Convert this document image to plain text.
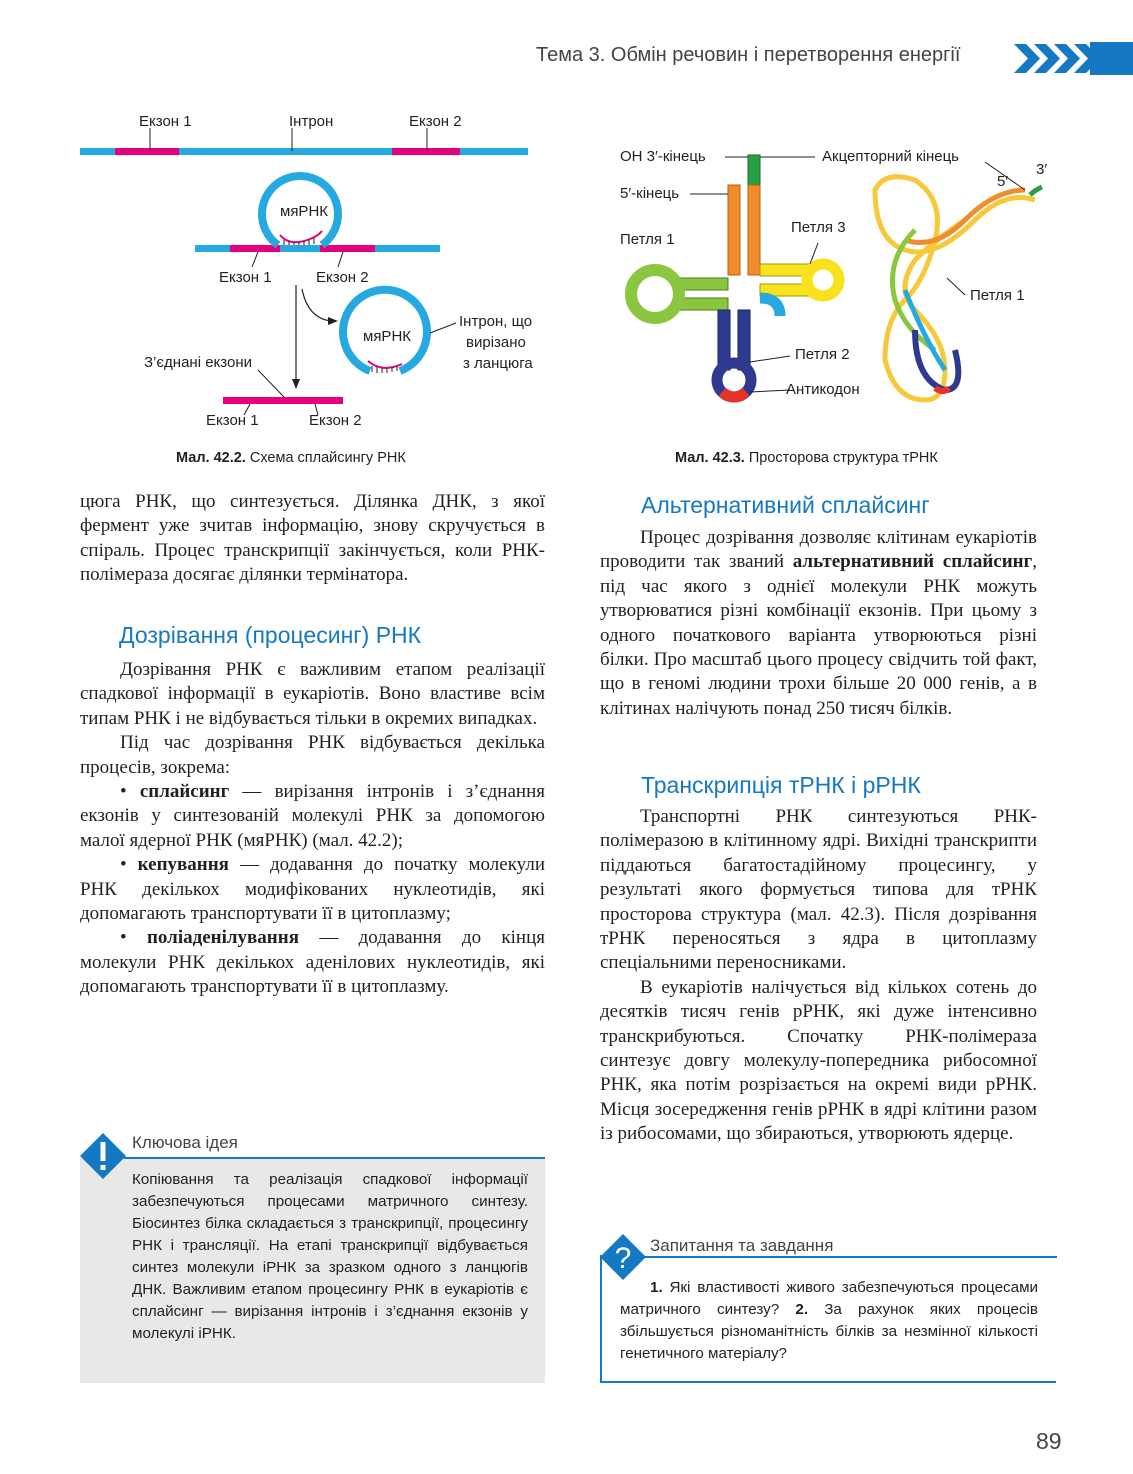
Тема 3. Обмін речовин і перетворення енергії
Екзон 1	Інтрон	Екзон 2
мяРНК
Екзон 1	Екзон 2
мяРНК
Інтрон, що
вирізано
з ланцюга
З’єднані екзони
Екзон 1	Екзон 2
Мал. 42.2. Схема сплайсингу РНК
ОН 3′-кінець
5′-кінець
Петля 1
Акцепторний кінець
Петля 3
5′
3′
Петля 1
Петля 2
Антикодон
Мал. 42.3. Просторова структура тРНК

цюга РНК, що синтезується. Ділянка ДНК, з якої фермент уже зчитав інформацію, знову скручується в спіраль. Процес транскрипції закінчується, коли РНК-полімераза досягає ділянки термінатора.

Дозрівання (процесинг) РНК

Дозрівання РНК є важливим етапом реалізації спадкової інформації в еукаріотів. Воно властиве всім типам РНК і не відбувається тільки в окремих випадках.

Під час дозрівання РНК відбувається декілька процесів, зокрема:

• сплайсинг — вирізання інтронів і з’єднання екзонів у синтезованій молекулі РНК за допомогою малої ядерної РНК (мяРНК) (мал. 42.2);

• кепування — додавання до початку молекули РНК декількох модифікованих нуклеотидів, які допомагають транспортувати її в цитоплазму;

• поліаденілування — додавання до кінця молекули РНК декількох аденілових нуклеотидів, які допомагають транспортувати її в цитоплазму.

Ключова ідея
Копіювання та реалізація спадкової інформації забезпечуються процесами матричного синтезу. Біосинтез білка складається з транскрипції, процесингу РНК і трансляції. На етапі транскрипції відбувається синтез молекули іРНК за зразком одного з ланцюгів ДНК. Важливим етапом процесингу РНК в еукаріотів є сплайсинг — вирізання інтронів і з’єднання екзонів у молекулі іРНК.
Альтернативний сплайсинг

Процес дозрівання дозволяє клітинам еукаріотів проводити так званий альтернативний сплайсинг, під час якого з однієї молекули РНК можуть утворюватися різні комбінації екзонів. При цьому з одного початкового варіанта утворюються різні білки. Про масштаб цього процесу свідчить той факт, що в геномі людини трохи більше 20 000 генів, а в клітинах налічують понад 250 тисяч білків.

Транскрипція тРНК і рРНК

Транспортні РНК синтезуються РНК-полімеразою в клітинному ядрі. Вихідні транскрипти піддаються багатостадійному процесингу, у результаті якого формується типова для тРНК просторова структура (мал. 42.3). Після дозрівання тРНК переносяться з ядра в цитоплазму спеціальними переносниками.

В еукаріотів налічується від кількох сотень до десятків тисяч генів рРНК, які дуже інтенсивно транскрибуються. Спочатку РНК-полімераза синтезує довгу молекулу-попередника рибосомної РНК, яка потім розрізається на окремі види рРНК. Місця зосередження генів рРНК в ядрі клітини разом із рибосомами, що збираються, утворюють ядерце.

? Запитання та завдання
1. Які властивості живого забезпечуються процесами матричного синтезу? 2. За рахунок яких процесів збільшується різноманітність білків за незмінної кількості генетичного матеріалу?
89
